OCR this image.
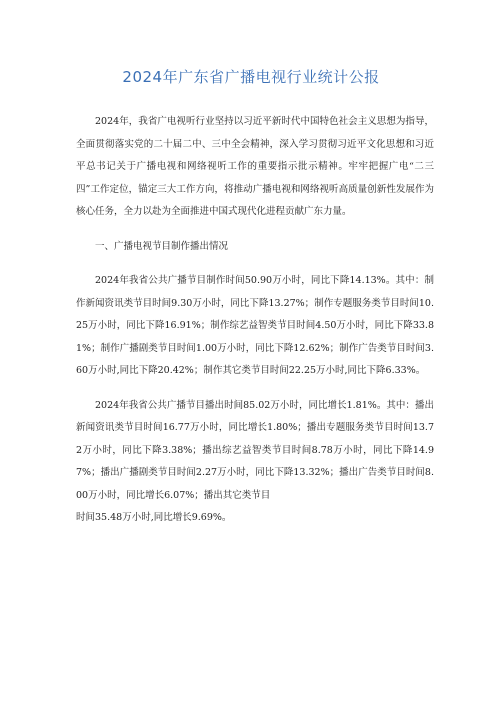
2024年广东省广播电视行业统计公报

2024年，我省广电视听行业坚持以习近平新时代中国特色社会主义思想为指导，全面贯彻落实党的二十届二中、三中全会精神，深入学习贯彻习近平文化思想和习近平总书记关于广播电视和网络视听工作的重要指示批示精神。牢牢把握广电“二三四”工作定位，锚定三大工作方向，将推动广播电视和网络视听高质量创新性发展作为核心任务，全力以赴为全面推进中国式现代化进程贡献广东力量。

一、广播电视节目制作播出情况

2024年我省公共广播节目制作时间50.90万小时，同比下降14.13%。其中：制作新闻资讯类节目时间9.30万小时，同比下降13.27%；制作专题服务类节目时间10.25万小时，同比下降16.91%；制作综艺益智类节目时间4.50万小时，同比下降33.81%；制作广播剧类节目时间1.00万小时，同比下降12.62%；制作广告类节目时间3.60万小时,同比下降20.42%；制作其它类节目时间22.25万小时,同比下降6.33%。

2024年我省公共广播节目播出时间85.02万小时，同比增长1.81%。其中：播出新闻资讯类节目时间16.77万小时，同比增长1.80%；播出专题服务类节目时间13.72万小时，同比下降3.38%；播出综艺益智类节目时间8.78万小时，同比下降14.97%；播出广播剧类节目时间2.27万小时，同比下降13.32%；播出广告类节目时间8.00万小时，同比增长6.07%；播出其它类节目

时间35.48万小时,同比增长9.69%。
